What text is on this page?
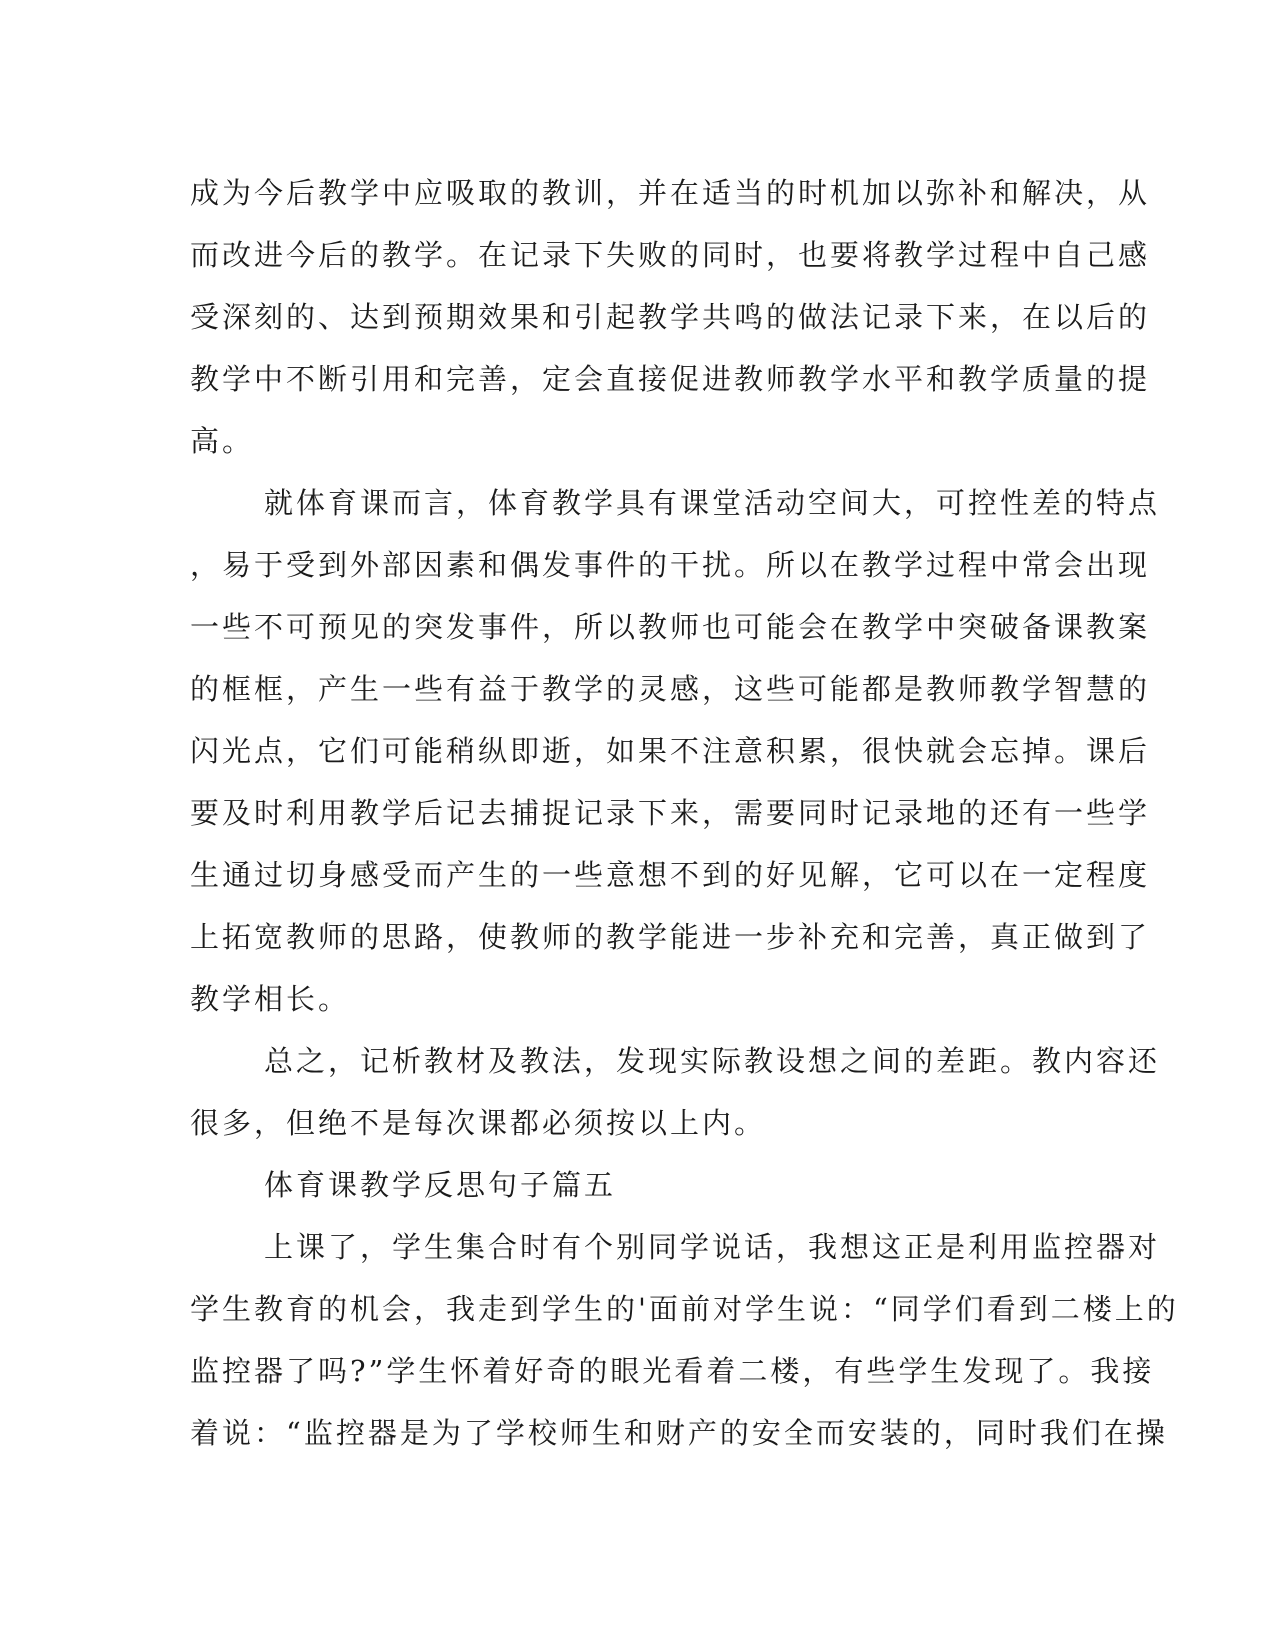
成为今后教学中应吸取的教训，并在适当的时机加以弥补和解决，从
而改进今后的教学。在记录下失败的同时，也要将教学过程中自己感
受深刻的、达到预期效果和引起教学共鸣的做法记录下来，在以后的
教学中不断引用和完善，定会直接促进教师教学水平和教学质量的提
高。
就体育课而言，体育教学具有课堂活动空间大，可控性差的特点
，易于受到外部因素和偶发事件的干扰。所以在教学过程中常会出现
一些不可预见的突发事件，所以教师也可能会在教学中突破备课教案
的框框，产生一些有益于教学的灵感，这些可能都是教师教学智慧的
闪光点，它们可能稍纵即逝，如果不注意积累，很快就会忘掉。课后
要及时利用教学后记去捕捉记录下来，需要同时记录地的还有一些学
生通过切身感受而产生的一些意想不到的好见解，它可以在一定程度
上拓宽教师的思路，使教师的教学能进一步补充和完善，真正做到了
教学相长。
总之，记析教材及教法，发现实际教设想之间的差距。教内容还
很多，但绝不是每次课都必须按以上内。
体育课教学反思句子篇五
上课了，学生集合时有个别同学说话，我想这正是利用监控器对
学生教育的机会，我走到学生的'面前对学生说：“同学们看到二楼上的
监控器了吗?”学生怀着好奇的眼光看着二楼，有些学生发现了。我接
着说：“监控器是为了学校师生和财产的安全而安装的，同时我们在操
